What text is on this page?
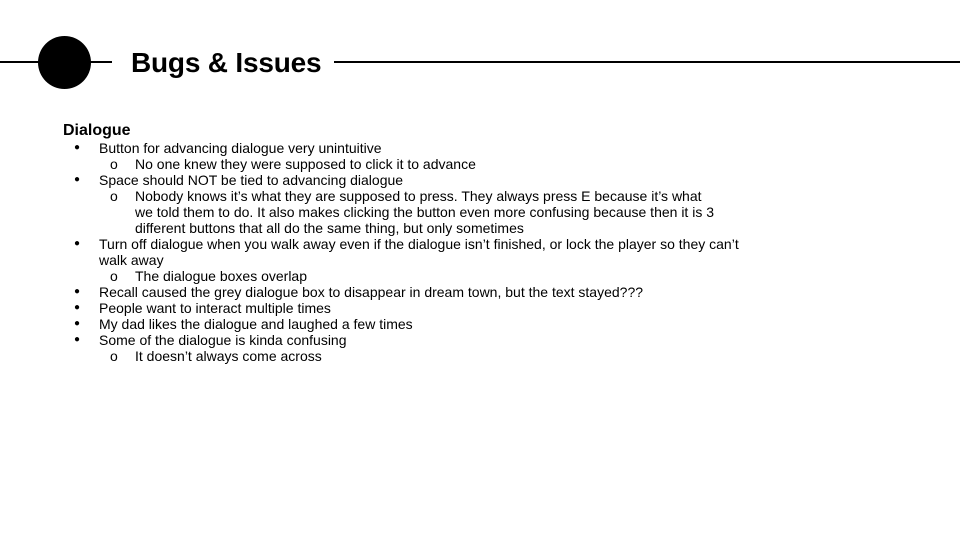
Bugs & Issues
Dialogue
● Button for advancing dialogue very unintuitive
o No one knew they were supposed to click it to advance
● Space should NOT be tied to advancing dialogue
o Nobody knows it’s what they are supposed to press. They always press E because it’s what we told them to do. It also makes clicking the button even more confusing because then it is 3 different buttons that all do the same thing, but only sometimes
● Turn off dialogue when you walk away even if the dialogue isn’t finished, or lock the player so they can’t walk away
o The dialogue boxes overlap
● Recall caused the grey dialogue box to disappear in dream town, but the text stayed???
● People want to interact multiple times
● My dad likes the dialogue and laughed a few times
● Some of the dialogue is kinda confusing
o It doesn’t always come across
